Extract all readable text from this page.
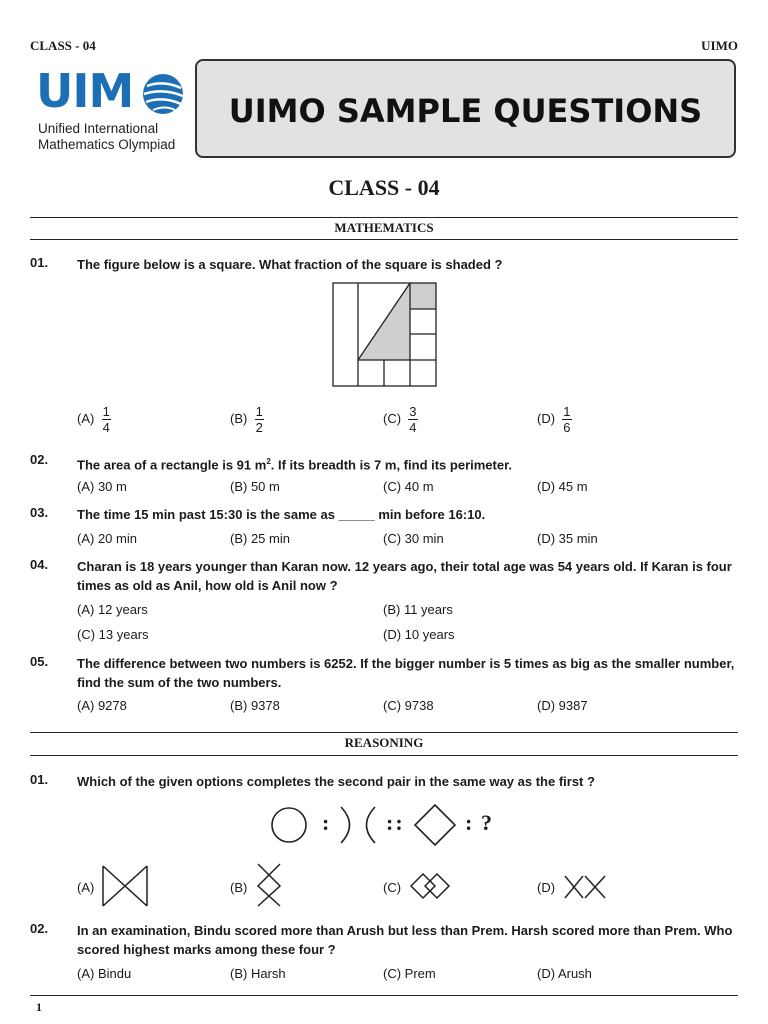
CLASS - 04	UIMO
UIM
Unified International
Mathematics Olympiad
UIMO SAMPLE QUESTIONS
CLASS - 04
MATHEMATICS
01. The figure below is a square. What fraction of the square is shaded ?
$(A) \frac{1}{4}$	$(B) \frac{1}{2}$	$(C) \frac{3}{4}$	$(D) \frac{1}{6}$
02. The area of a rectangle is 91 $m^2$. If its breadth is 7 m, find its perimeter.
(A) 30 m	(B) 50 m	(C) 40 m	(D) 45 m
03. The time 15 min past 15:30 is the same as _____ min before 16:10.
(A) 20 min	(B) 25 min	(C) 30 min	(D) 35 min
04. Charan is 18 years younger than Karan now. 12 years ago, their total age was 54 years old. If Karan is four times as old as Anil, how old is Anil now ?
(A) 12 years	(B) 11 years
(C) 13 years	(D) 10 years
05. The difference between two numbers is 6252. If the bigger number is 5 times as big as the smaller number, find the sum of the two numbers.
(A) 9278	(B) 9378	(C) 9738	(D) 9387
REASONING
01. Which of the given options completes the second pair in the same way as the first ?
:	::	: ?
(A)	(B)	(C)	(D)
02. In an examination, Bindu scored more than Arush but less than Prem. Harsh scored more than Prem. Who scored highest marks among these four ?
(A) Bindu	(B) Harsh	(C) Prem	(D) Arush
1
